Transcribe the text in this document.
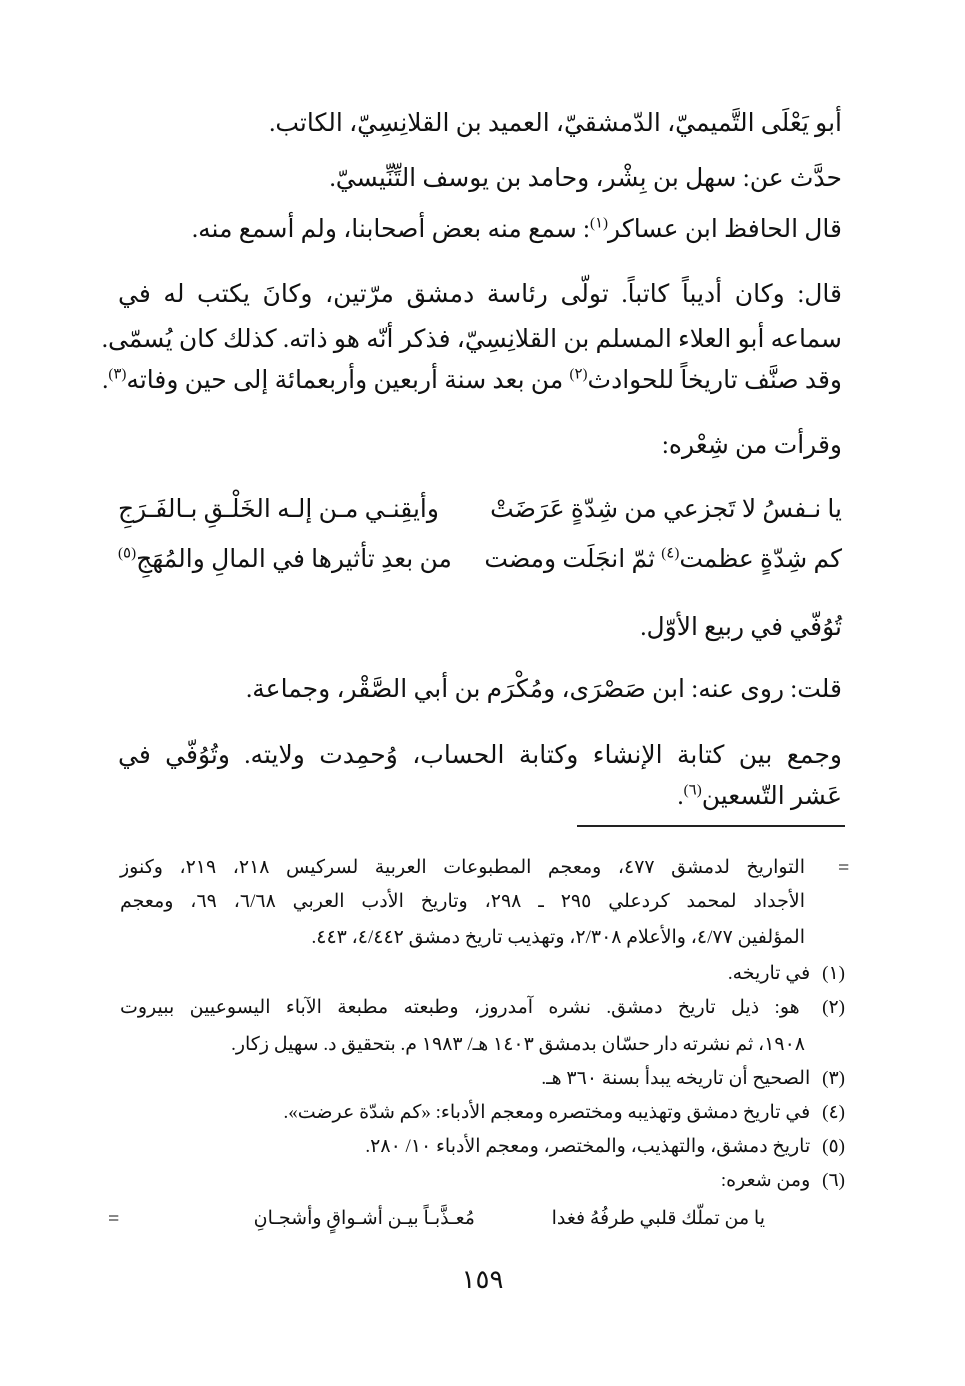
أبو يَعْلَى التَّميميّ، الدّمشقيّ، العميد بن القلانِسِيّ، الكاتب.
حدَّث عن: سهل بن بِشْر، وحامد بن يوسف التِّنِّيسيّ.
قال الحافظ ابن عساكر$^{(١)}$: سمع منه بعض أصحابنا، ولم أسمع منه.
قال: وكان أديباً كاتباً. تولّى رئاسة دمشق مرّتين، وكانَ يكتب له في
سماعه أبو العلاء المسلم بن القلانِسِيّ، فذكر أنّه هو ذاته. كذلك كان يُسمّى.
وقد صنَّف تاريخاً للحوادث$^{(٢)}$ من بعد سنة أربعين وأربعمائة إلى حين وفاته$^{(٣)}$.
وقرأت من شِعْره:
يا نـفسُ لا تَجزعي من شِدّةٍ عَرَضَتْ
وأيقِنـي مـن إلـه الخَلْـقِ بـالفَـرَجِ
كم شِدّةٍ عظمت$^{(٤)}$ ثمّ انجَلَت ومضت
من بعدِ تأثيرها في المالِ والمُهَجِ$^{(٥)}$
تُوُفّي في ربيع الأوّل.
قلت: روى عنه: ابن صَصْرَى، ومُكْرَم بن أبي الصَّقْر، وجماعة.
وجمع بين كتابة الإنشاء وكتابة الحساب، وُحمِدت ولايته. وتُوُفّي في
عَشر التّسعين$^{(٦)}$.
=
التواريخ لدمشق ٤٧٧، ومعجم المطبوعات العربية لسركيس ٢١٨، ٢١٩، وكنوز
الأجداد لمحمد كردعلي ٢٩٥ ـ ٢٩٨، وتاريخ الأدب العربي ٦/٦٨، ٦٩، ومعجم
المؤلفين ٤/٧٧، والأعلام ٢/٣٠٨، وتهذيب تاريخ دمشق ٤/٤٤٢، ٤٤٣.
(١) في تاريخه.
(٢) هو: ذيل تاريخ دمشق. نشره آمدروز، وطبعته مطبعة الآباء اليسوعيين ببيروت
١٩٠٨، ثم نشرته دار حسّان بدمشق ١٤٠٣ هـ/ ١٩٨٣ م. بتحقيق د. سهيل زكار.
(٣) الصحيح أن تاريخه يبدأ بسنة ٣٦٠ هـ.
(٤) في تاريخ دمشق وتهذيبه ومختصره ومعجم الأدباء: «كم شدّة عرضت».
(٥) تاريخ دمشق، والتهذيب، والمختصر، ومعجم الأدباء ١٠/ ٢٨٠.
(٦) ومن شعره:
يا من تملّك قلبي طرفُهُ فغدا
مُعـذَّبـاً بيـن أشـواقٍ وأشجـانِ
=
١٥٩
